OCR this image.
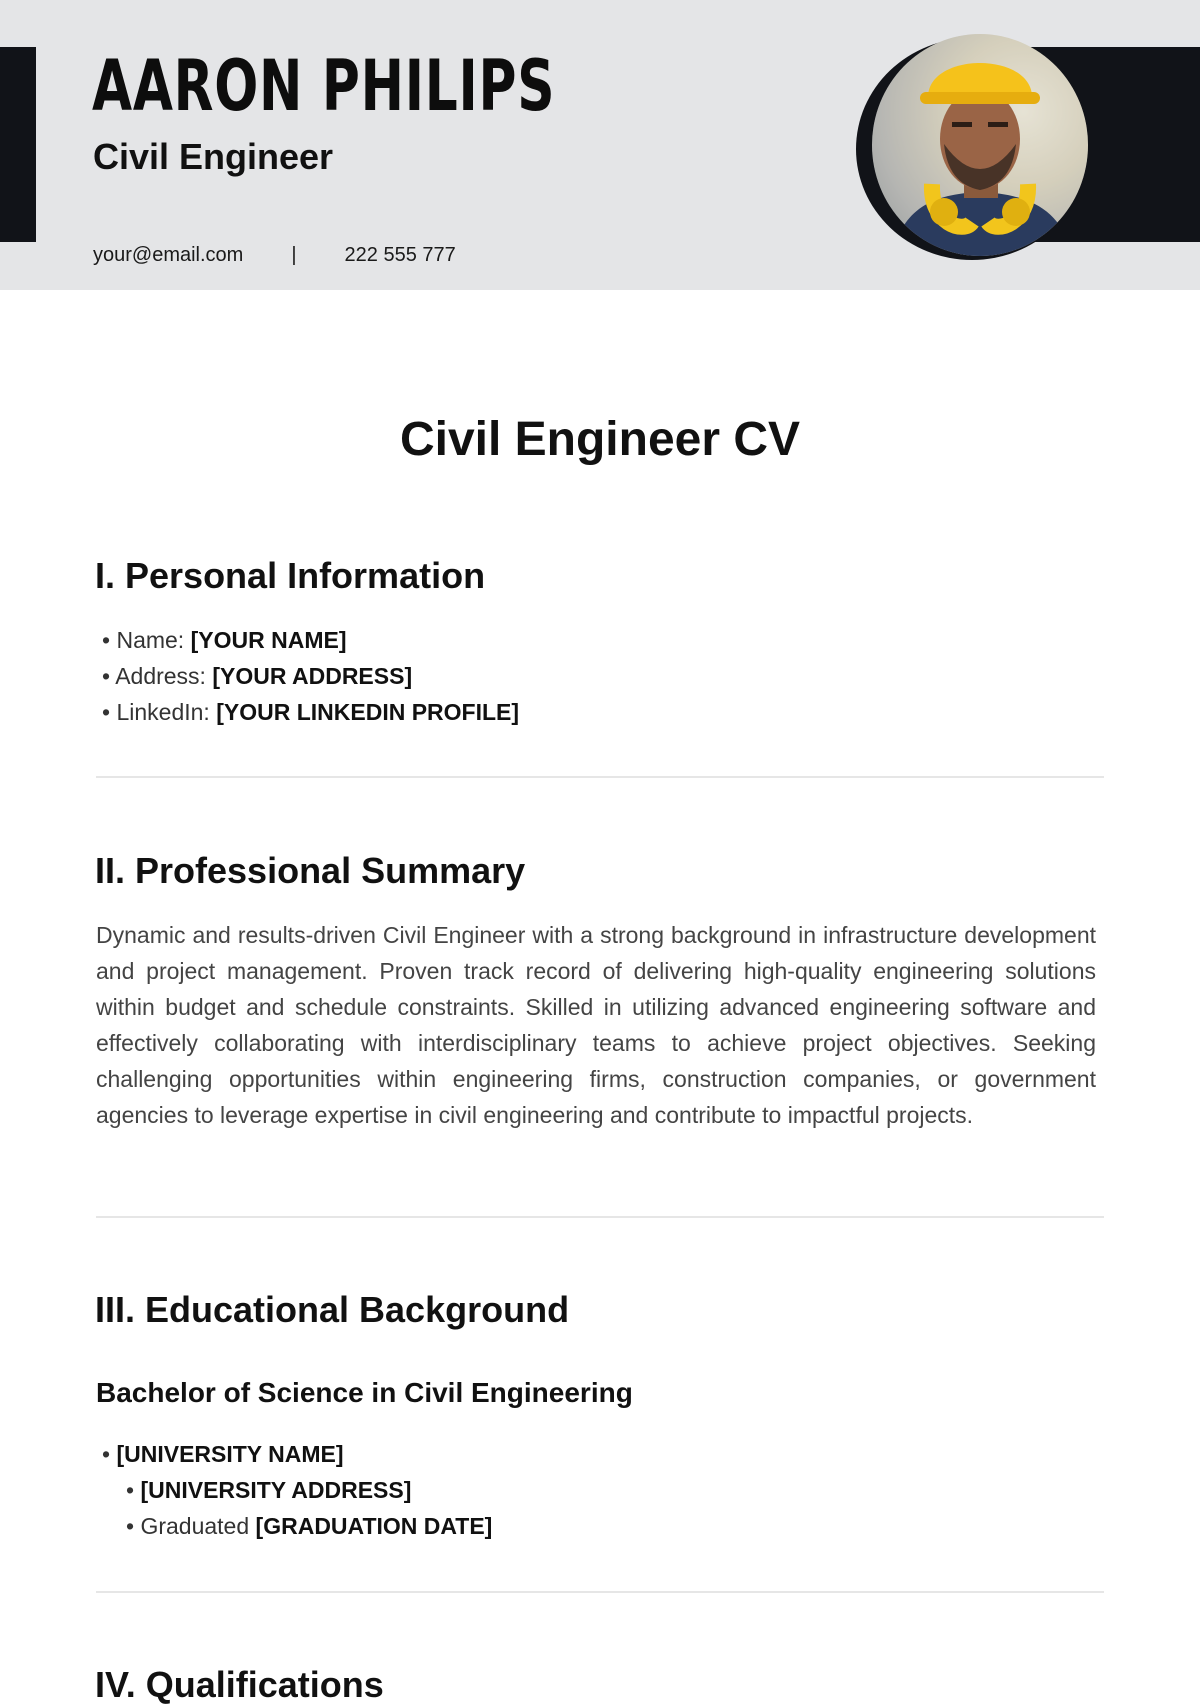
AARON PHILIPS
Civil Engineer
your@email.com | 222 555 777
Civil Engineer CV
I. Personal Information
• Name: [YOUR NAME]
• Address: [YOUR ADDRESS]
• LinkedIn: [YOUR LINKEDIN PROFILE]
II. Professional Summary

Dynamic and results-driven Civil Engineer with a strong background in infrastructure development and project management. Proven track record of delivering high-quality engineering solutions within budget and schedule constraints. Skilled in utilizing advanced engineering software and effectively collaborating with interdisciplinary teams to achieve project objectives. Seeking challenging opportunities within engineering firms, construction companies, or government agencies to leverage expertise in civil engineering and contribute to impactful projects.

III. Educational Background
Bachelor of Science in Civil Engineering
• [UNIVERSITY NAME]
• [UNIVERSITY ADDRESS]
• Graduated [GRADUATION DATE]
IV. Qualifications
